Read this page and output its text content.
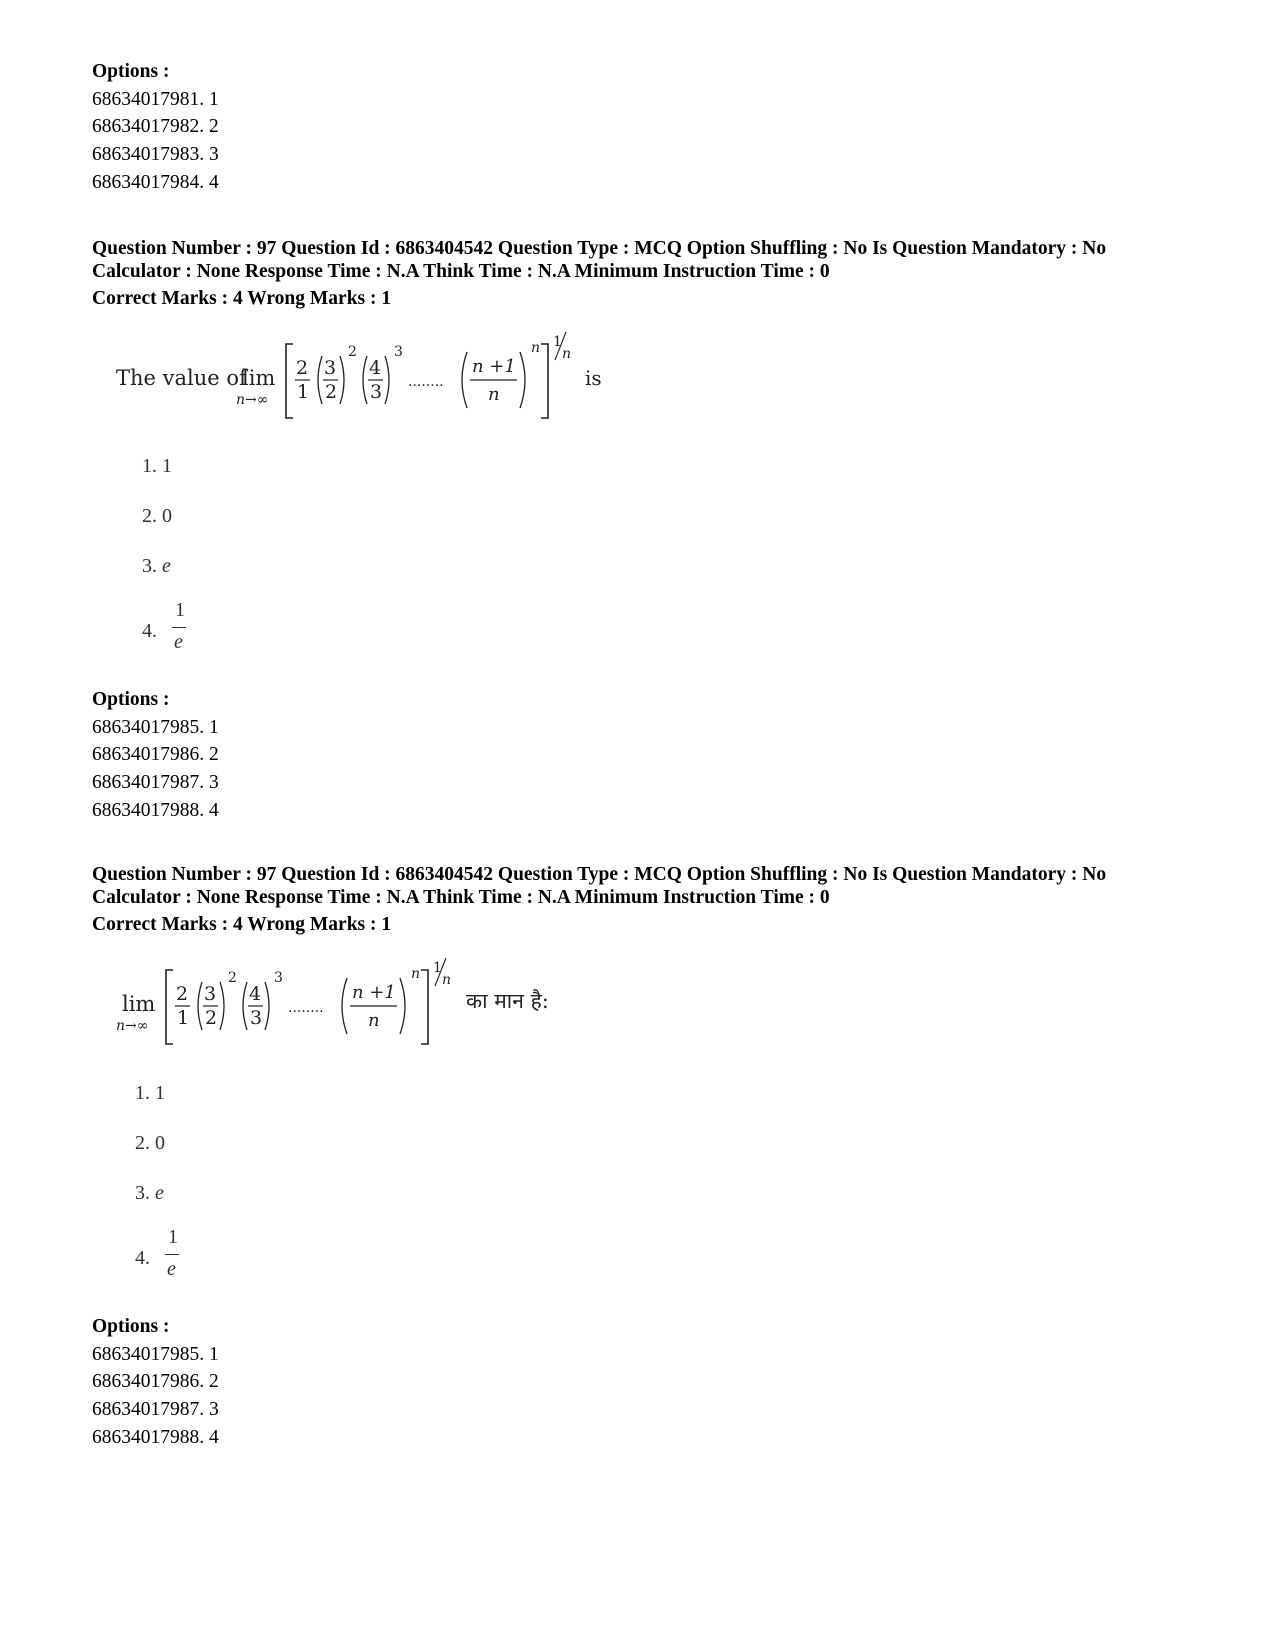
Options :
68634017981. 1
68634017982. 2
68634017983. 3
68634017984. 4
Question Number : 97 Question Id : 6863404542 Question Type : MCQ Option Shuffling : No Is Question Mandatory : No
Calculator : None Response Time : N.A Think Time : N.A Minimum Instruction Time : 0
Correct Marks : 4 Wrong Marks : 1
The value of
lim
n→∞
2
1
3
2
2
4
3
3
........
n +1
n
n 1
n
is
1. 1
2. 0
3. e
4.
1
e
Options :
68634017985. 1
68634017986. 2
68634017987. 3
68634017988. 4
Question Number : 97 Question Id : 6863404542 Question Type : MCQ Option Shuffling : No Is Question Mandatory : No
Calculator : None Response Time : N.A Think Time : N.A Minimum Instruction Time : 0
Correct Marks : 4 Wrong Marks : 1
lim
n→∞
2
1
3
2
2
4
3
3
........
n +1
n
n 1
n
का मान है:
1. 1
2. 0
3. e
4.
1
e
Options :
68634017985. 1
68634017986. 2
68634017987. 3
68634017988. 4
